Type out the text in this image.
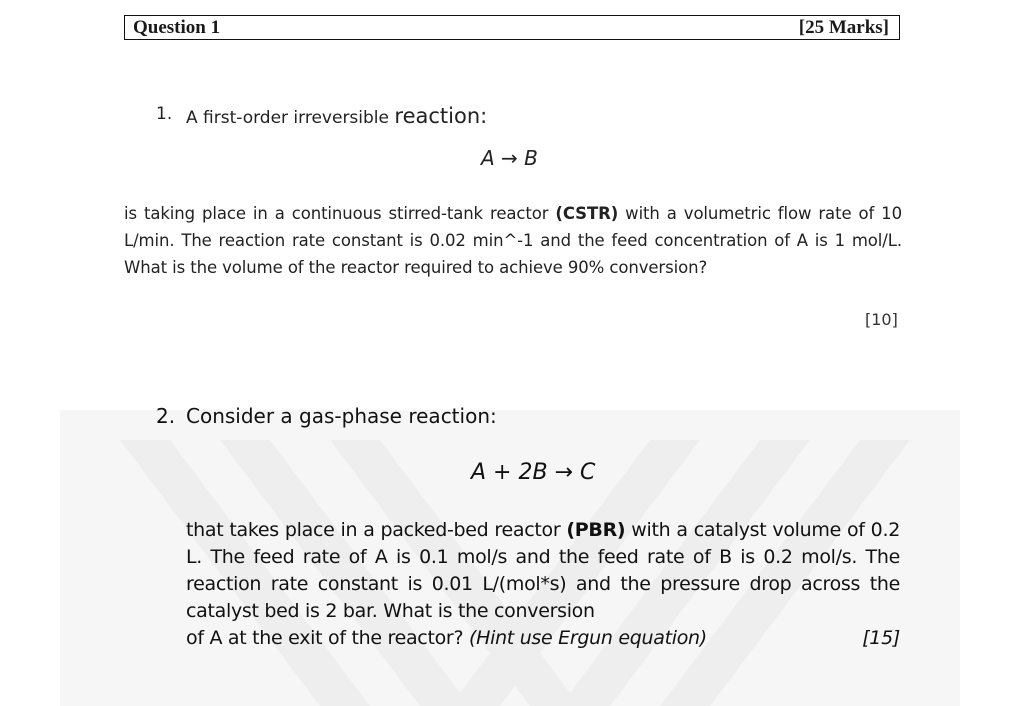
Question 1	[25 Marks]
1. A first-order irreversible reaction:
A → B
is taking place in a continuous stirred-tank reactor (CSTR) with a volumetric flow rate of 10 L/min. The reaction rate constant is 0.02 min^-1 and the feed concentration of A is 1 mol/L. What is the volume of the reactor required to achieve 90% conversion?
[10]
2. Consider a gas-phase reaction:
A + 2B → C
that takes place in a packed-bed reactor (PBR) with a catalyst volume of 0.2 L. The feed rate of A is 0.1 mol/s and the feed rate of B is 0.2 mol/s. The reaction rate constant is 0.01 L/(mol*s) and the pressure drop across the catalyst bed is 2 bar. What is the conversion
of A at the exit of the reactor? (Hint use Ergun equation)	[15]
